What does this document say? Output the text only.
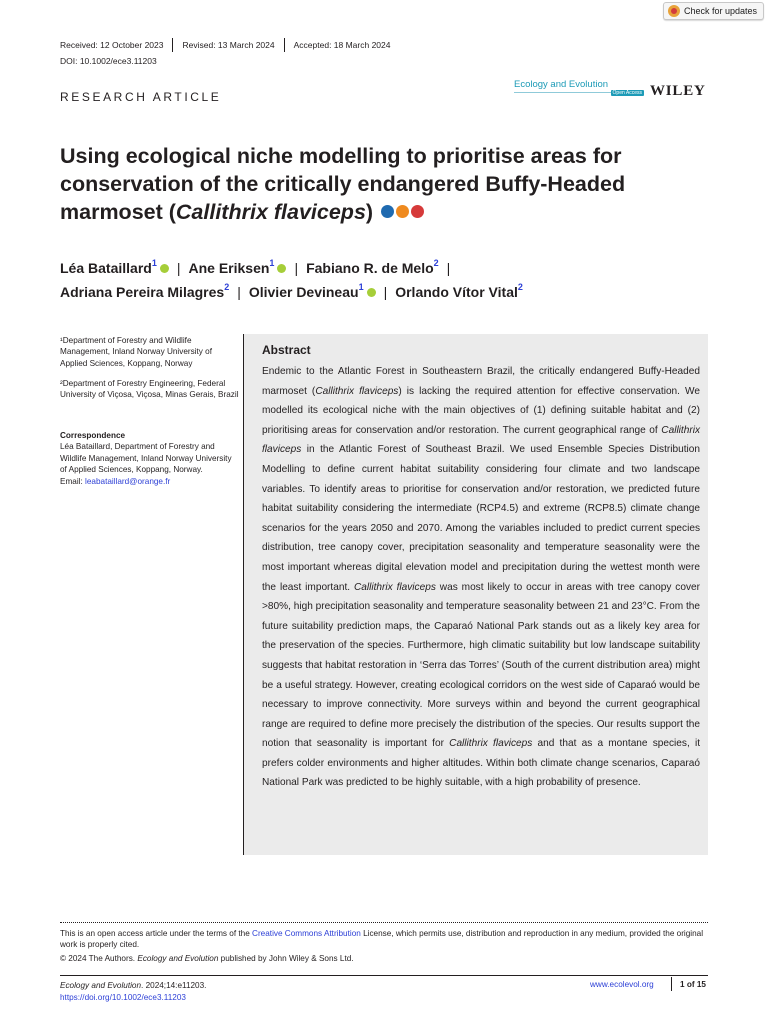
Check for updates
Received: 12 October 2023 Revised: 13 March 2024 Accepted: 18 March 2024
DOI: 10.1002/ece3.11203
RESEARCH ARTICLE
Ecology and Evolution
Open Access WILEY
Using ecological niche modelling to prioritise areas for conservation of the critically endangered Buffy-Headed marmoset (Callithrix flaviceps)
Léa Bataillard$^1$ | Ane Eriksen$^1$ | Fabiano R. de Melo$^2$ |
Adriana Pereira Milagres$^2$ | Olivier Devineau$^1$ | Orlando Vítor Vital$^2$
¹Department of Forestry and Wildlife Management, Inland Norway University of Applied Sciences, Koppang, Norway
²Department of Forestry Engineering, Federal University of Viçosa, Viçosa, Minas Gerais, Brazil

Correspondence

Léa Bataillard, Department of Forestry and Wildlife Management, Inland Norway University of Applied Sciences, Koppang, Norway.

Email: leabataillard@orange.fr

Abstract
Endemic to the Atlantic Forest in Southeastern Brazil, the critically endangered Buffy-Headed marmoset (Callithrix flaviceps) is lacking the required attention for effective conservation. We modelled its ecological niche with the main objectives of (1) defining suitable habitat and (2) prioritising areas for conservation and/or restoration. The current geographical range of Callithrix flaviceps in the Atlantic Forest of Southeast Brazil. We used Ensemble Species Distribution Modelling to define current habitat suitability considering four climate and two landscape variables. To identify areas to prioritise for conservation and/or restoration, we predicted future habitat suitability considering the intermediate (RCP4.5) and extreme (RCP8.5) climate change scenarios for the years 2050 and 2070. Among the variables included to predict current species distribution, tree canopy cover, precipitation seasonality and temperature seasonality were the most important whereas digital elevation model and precipitation during the wettest month were the least important. Callithrix flaviceps was most likely to occur in areas with tree canopy cover >80%, high precipitation seasonality and temperature seasonality between 21 and 23°C. From the future suitability prediction maps, the Caparaó National Park stands out as a likely key area for the preservation of the species. Furthermore, high climatic suitability but low landscape suitability suggests that habitat restoration in ‘Serra das Torres’ (South of the current distribution area) might be a useful strategy. However, creating ecological corridors on the west side of Caparaó would be necessary to improve connectivity. More surveys within and beyond the current geographical range are required to define more precisely the distribution of the species. Our results support the notion that seasonality is important for Callithrix flaviceps and that as a montane species, it prefers colder environments and higher altitudes. Within both climate change scenarios, Caparaó National Park was predicted to be highly suitable, with a high probability of presence.
This is an open access article under the terms of the Creative Commons Attribution License, which permits use, distribution and reproduction in any medium, provided the original work is properly cited.
© 2024 The Authors. Ecology and Evolution published by John Wiley & Sons Ltd.
Ecology and Evolution. 2024;14:e11203.
https://doi.org/10.1002/ece3.11203
www.ecolevol.org	1 of 15
